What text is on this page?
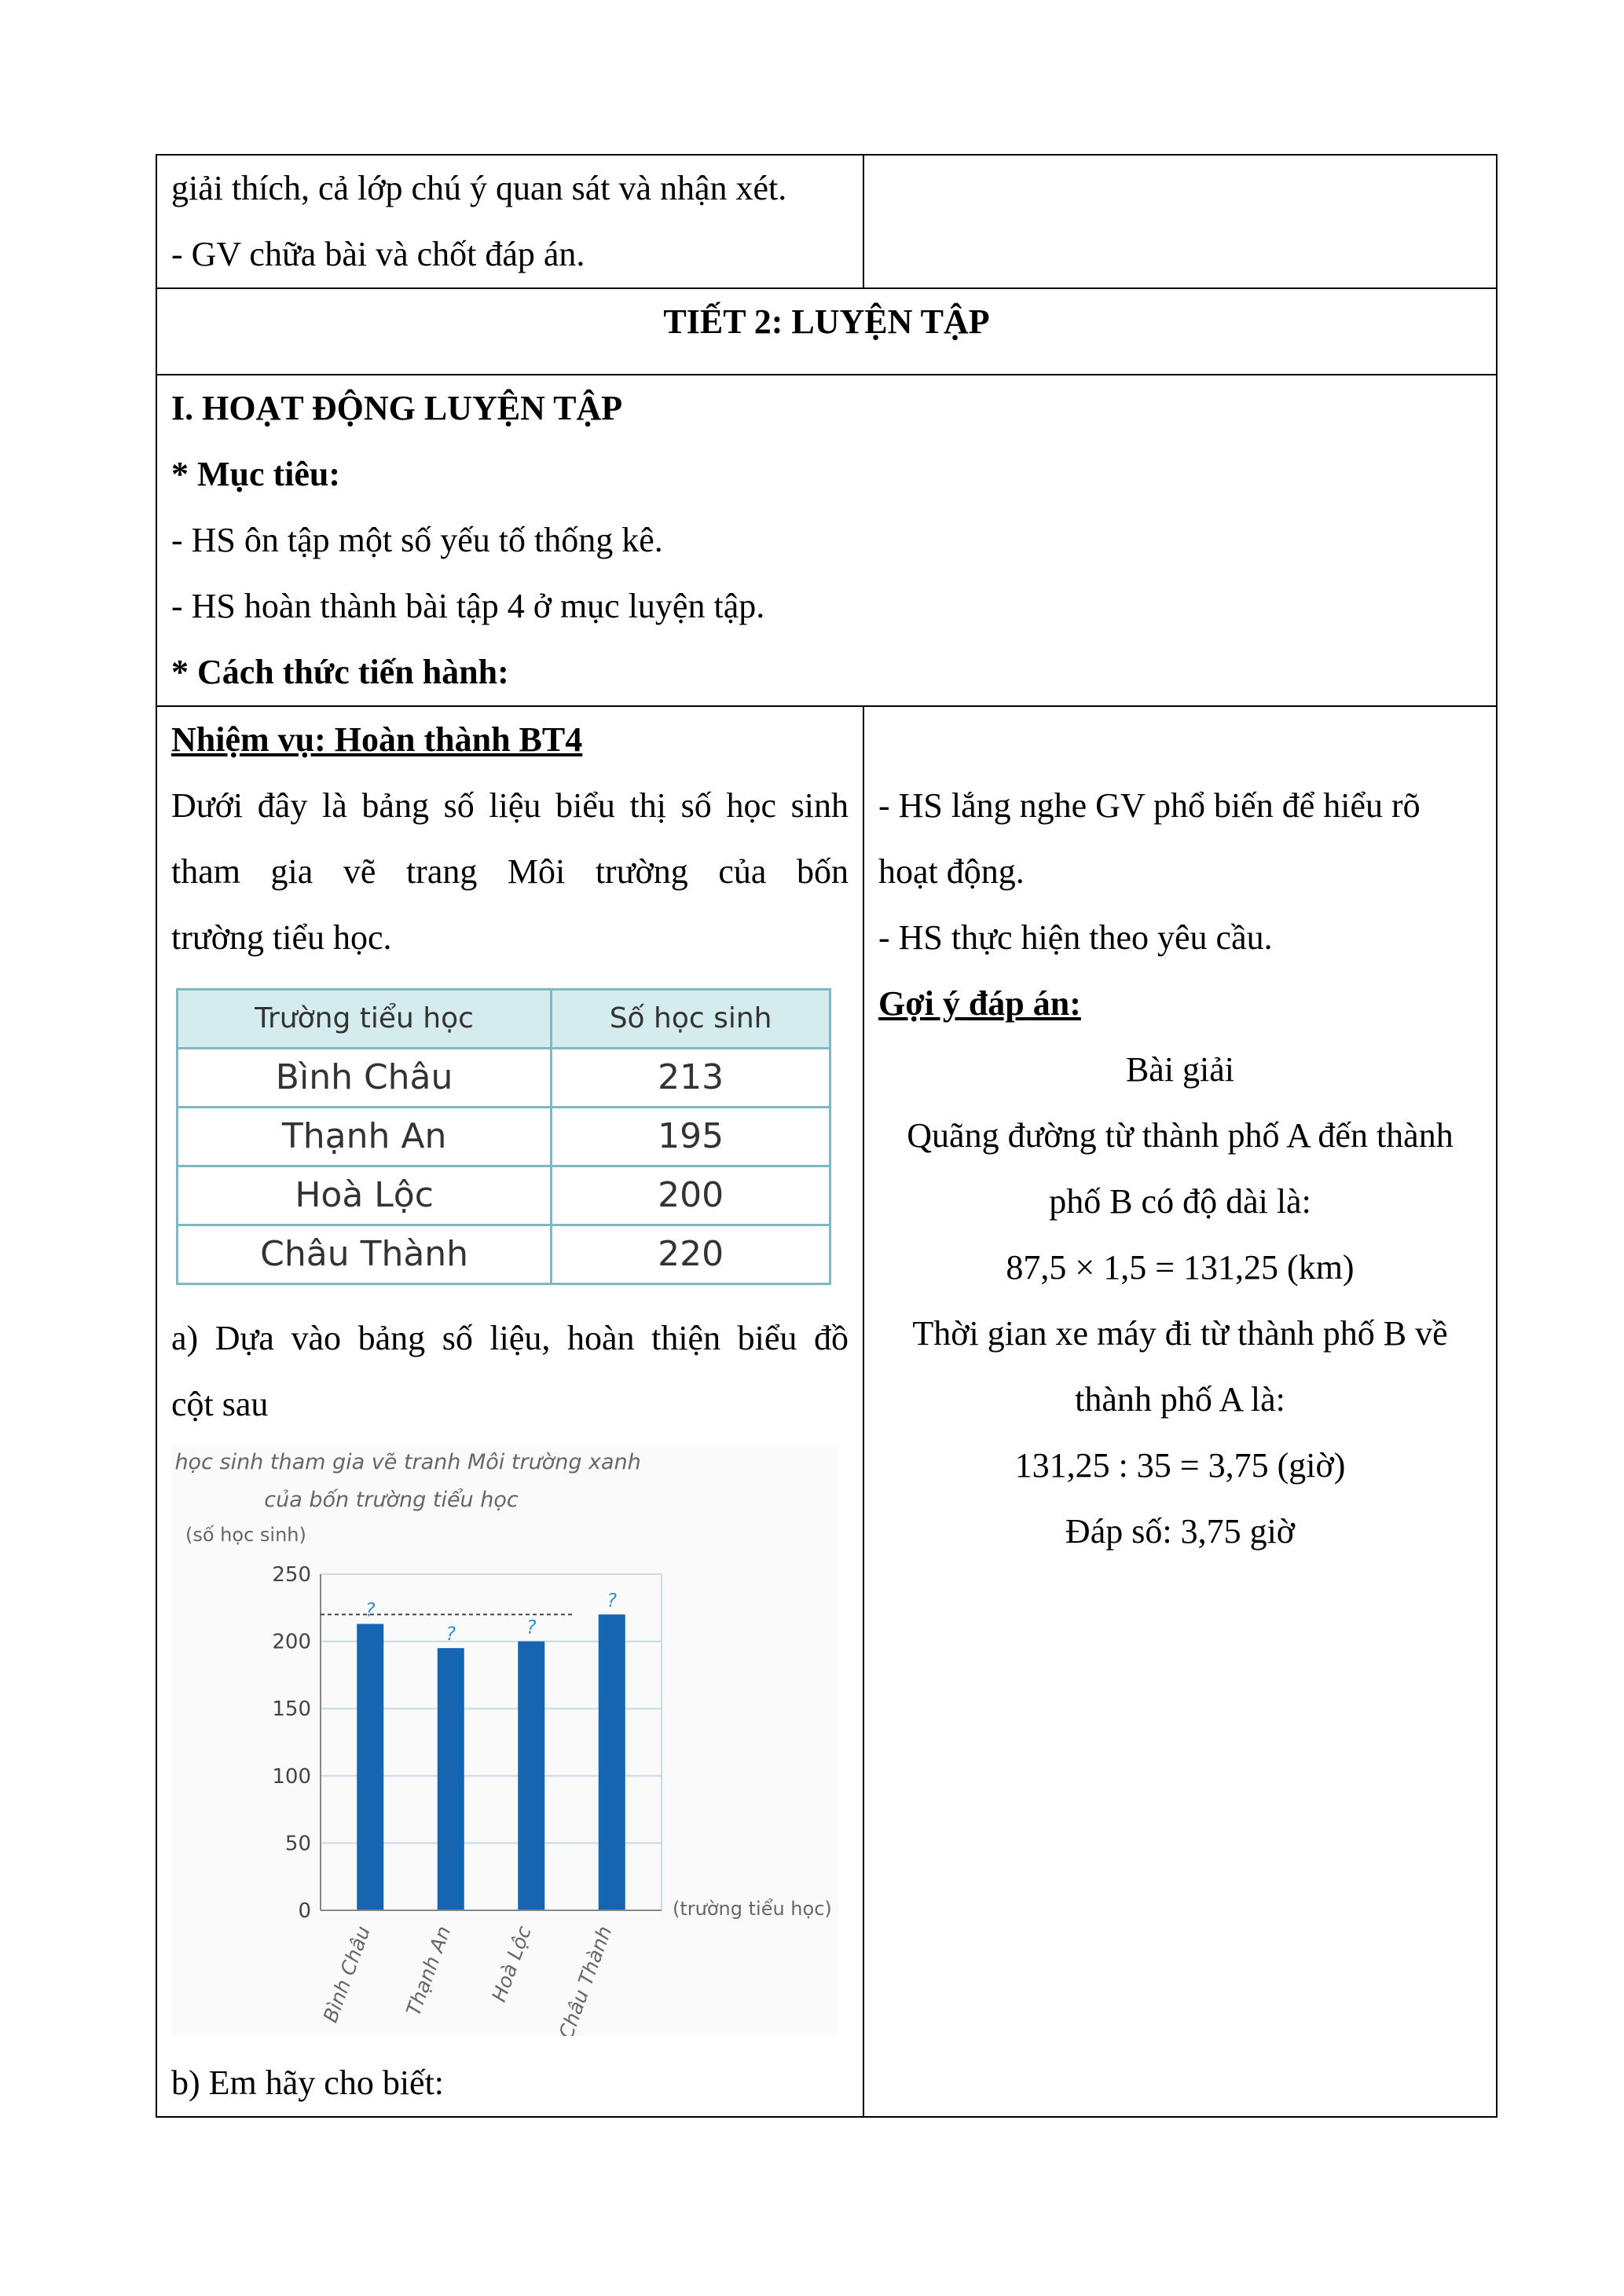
giải thích, cả lớp chú ý quan sát và nhận xét.
- GV chữa bài và chốt đáp án.

TIẾT 2: LUYỆN TẬP

I. HOẠT ĐỘNG LUYỆN TẬP
* Mục tiêu:
- HS ôn tập một số yếu tố thống kê.
- HS hoàn thành bài tập 4 ở mục luyện tập.
* Cách thức tiến hành:

Nhiệm vụ: Hoàn thành BT4
Dưới đây là bảng số liệu biểu thị số học sinh
tham gia vẽ trang Môi trường của bốn
trường tiểu học.
Trường tiểu học	Số học sinh
Bình Châu	213
Thạnh An	195
Hoà Lộc	200
Châu Thành	220
a) Dựa vào bảng số liệu, hoàn thiện biểu đồ
cột sau
Số học sinh tham gia vẽ tranh Môi trường xanh
của bốn trường tiểu học
(số học sinh)
0
50
100
150
200
250
?
Bình Châu
?
Thạnh An
?
Hoà Lộc
?
Châu Thành
(trường tiểu học)
b) Em hãy cho biết:

- HS lắng nghe GV phổ biến để hiểu rõ
hoạt động.
- HS thực hiện theo yêu cầu.
Gợi ý đáp án:
Bài giải
Quãng đường từ thành phố A đến thành
phố B có độ dài là:
87,5 × 1,5 = 131,25 (km)
Thời gian xe máy đi từ thành phố B về
thành phố A là:
131,25 : 35 = 3,75 (giờ)
Đáp số: 3,75 giờ
